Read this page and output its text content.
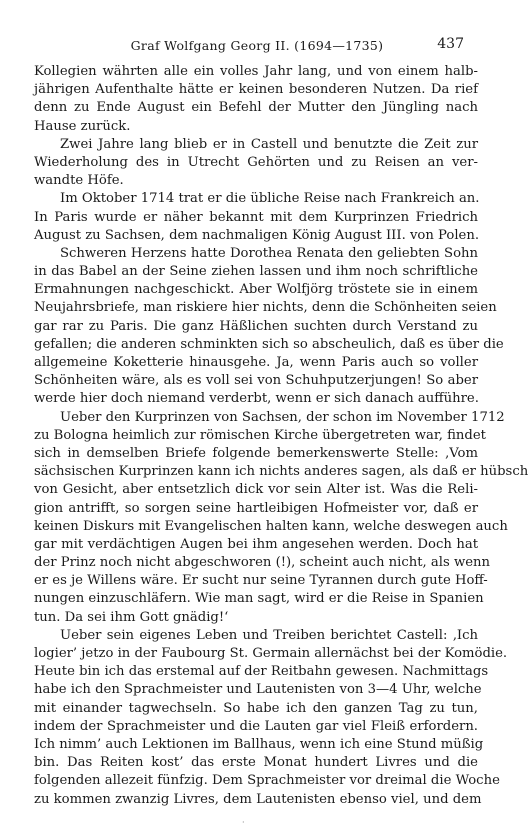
Graf Wolfgang Georg II. (1694—1735)	437
Kollegien währten alle ein volles Jahr lang, und von einem halb-
jährigen Aufenthalte hätte er keinen besonderen Nutzen. Da rief
denn zu Ende August ein Befehl der Mutter den Jüngling nach
Hause zurück.
Zwei Jahre lang blieb er in Castell und benutzte die Zeit zur
Wiederholung des in Utrecht Gehörten und zu Reisen an ver-
wandte Höfe.
Im Oktober 1714 trat er die übliche Reise nach Frankreich an.
In Paris wurde er näher bekannt mit dem Kurprinzen Friedrich
August zu Sachsen, dem nachmaligen König August III. von Polen.
Schweren Herzens hatte Dorothea Renata den geliebten Sohn
in das Babel an der Seine ziehen lassen und ihm noch schriftliche
Ermahnungen nachgeschickt. Aber Wolfjörg tröstete sie in einem
Neujahrsbriefe, man riskiere hier nichts, denn die Schönheiten seien
gar rar zu Paris. Die ganz Häßlichen suchten durch Verstand zu
gefallen; die anderen schminkten sich so abscheulich, daß es über die
allgemeine Koketterie hinausgehe. Ja, wenn Paris auch so voller
Schönheiten wäre, als es voll sei von Schuhputzerjungen! So aber
werde hier doch niemand verderbt, wenn er sich danach aufführe.
Ueber den Kurprinzen von Sachsen, der schon im November 1712
zu Bologna heimlich zur römischen Kirche übergetreten war, findet
sich in demselben Briefe folgende bemerkenswerte Stelle: ‚Vom
sächsischen Kurprinzen kann ich nichts anderes sagen, als daß er hübsch
von Gesicht, aber entsetzlich dick vor sein Alter ist. Was die Reli-
gion antrifft, so sorgen seine hartleibigen Hofmeister vor, daß er
keinen Diskurs mit Evangelischen halten kann, welche deswegen auch
gar mit verdächtigen Augen bei ihm angesehen werden. Doch hat
der Prinz noch nicht abgeschworen (!), scheint auch nicht, als wenn
er es je Willens wäre. Er sucht nur seine Tyrannen durch gute Hoff-
nungen einzuschläfern. Wie man sagt, wird er die Reise in Spanien
tun. Da sei ihm Gott gnädig!‘
Ueber sein eigenes Leben und Treiben berichtet Castell: ‚Ich
logier’ jetzo in der Faubourg St. Germain allernächst bei der Komödie.
Heute bin ich das erstemal auf der Reitbahn gewesen. Nachmittags
habe ich den Sprachmeister und Lautenisten von 3—4 Uhr, welche
mit einander tagwechseln. So habe ich den ganzen Tag zu tun,
indem der Sprachmeister und die Lauten gar viel Fleiß erfordern.
Ich nimm’ auch Lektionen im Ballhaus, wenn ich eine Stund müßig
bin. Das Reiten kost’ das erste Monat hundert Livres und die
folgenden allezeit fünfzig. Dem Sprachmeister vor dreimal die Woche
zu kommen zwanzig Livres, dem Lautenisten ebenso viel, und dem
·
